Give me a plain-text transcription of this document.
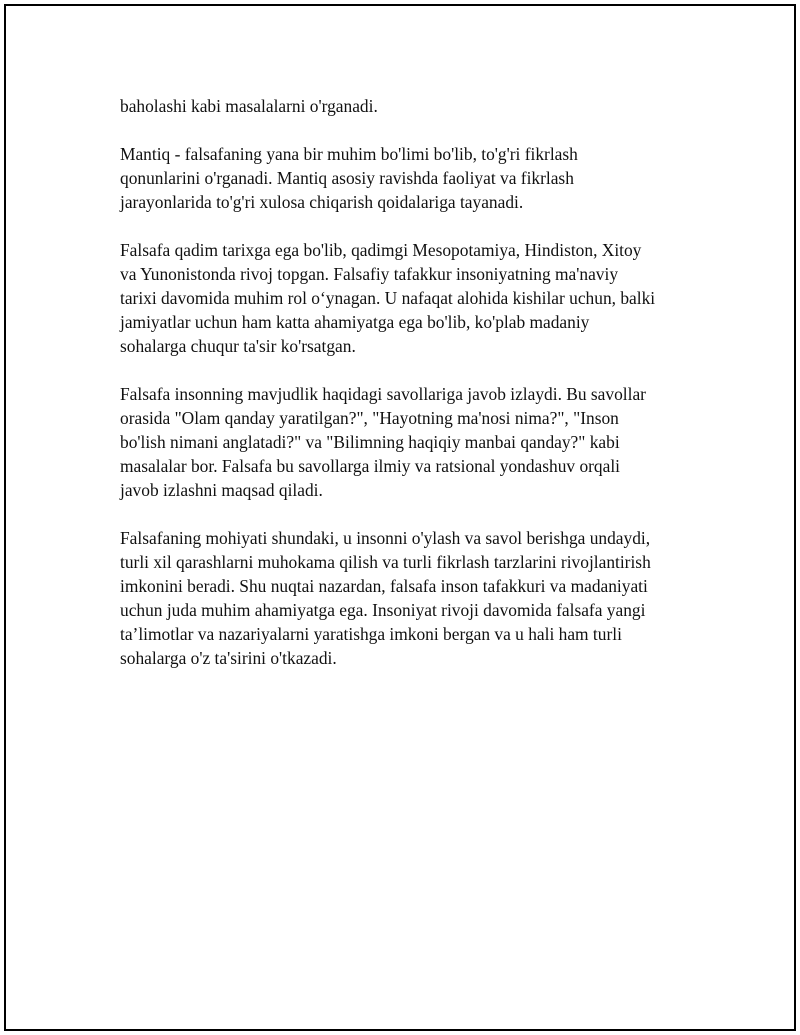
baholashi kabi masalalarni o'rganadi.

Mantiq - falsafaning yana bir muhim bo'limi bo'lib, to'g'ri fikrlash
qonunlarini o'rganadi. Mantiq asosiy ravishda faoliyat va fikrlash
jarayonlarida to'g'ri xulosa chiqarish qoidalariga tayanadi.

Falsafa qadim tarixga ega bo'lib, qadimgi Mesopotamiya, Hindiston, Xitoy
va Yunonistonda rivoj topgan. Falsafiy tafakkur insoniyatning ma'naviy
tarixi davomida muhim rol o‘ynagan. U nafaqat alohida kishilar uchun, balki
jamiyatlar uchun ham katta ahamiyatga ega bo'lib, ko'plab madaniy
sohalarga chuqur ta'sir ko'rsatgan.

Falsafa insonning mavjudlik haqidagi savollariga javob izlaydi. Bu savollar
orasida "Olam qanday yaratilgan?", "Hayotning ma'nosi nima?", "Inson
bo'lish nimani anglatadi?" va "Bilimning haqiqiy manbai qanday?" kabi
masalalar bor. Falsafa bu savollarga ilmiy va ratsional yondashuv orqali
javob izlashni maqsad qiladi.

Falsafaning mohiyati shundaki, u insonni o'ylash va savol berishga undaydi,
turli xil qarashlarni muhokama qilish va turli fikrlash tarzlarini rivojlantirish
imkonini beradi. Shu nuqtai nazardan, falsafa inson tafakkuri va madaniyati
uchun juda muhim ahamiyatga ega. Insoniyat rivoji davomida falsafa yangi
ta’limotlar va nazariyalarni yaratishga imkoni bergan va u hali ham turli
sohalarga o'z ta'sirini o'tkazadi.
